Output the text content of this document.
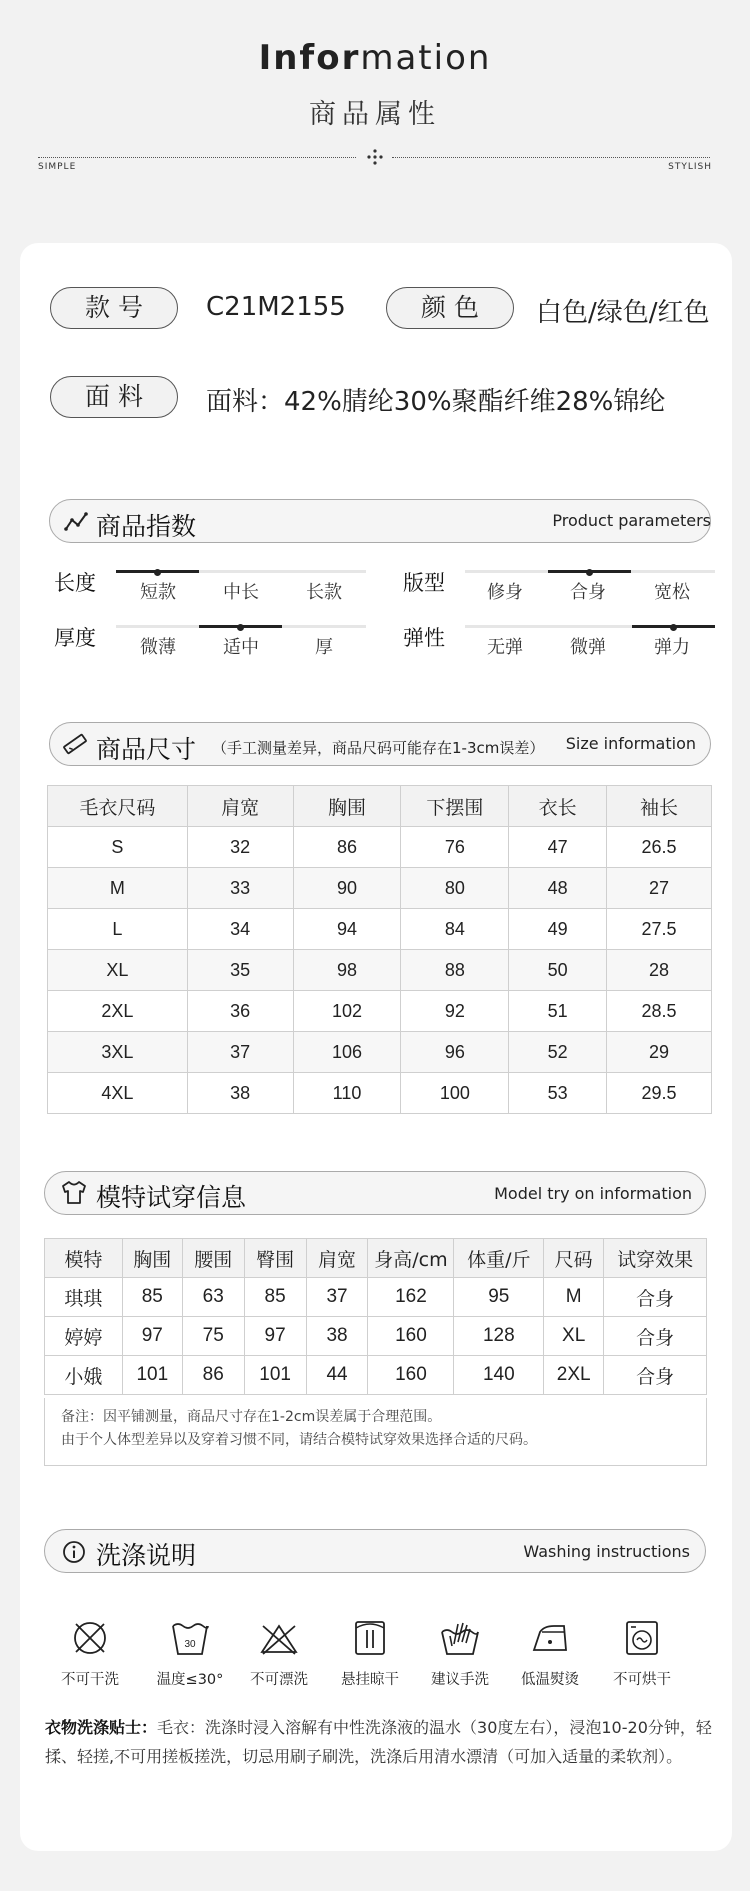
Information
商品属性
SIMPLE	STYLISH
款号	C21M2155	颜色	白色/绿色/红色
面料	面料：42%腈纶30%聚酯纤维28%锦纶
商品指数	Product parameters
长度	短款	中长	长款	版型	修身	合身	宽松
厚度	微薄	适中	厚	弹性	无弹	微弹	弹力
商品尺寸 （手工测量差异，商品尺码可能存在1-3cm误差） Size information
毛衣尺码	肩宽	胸围	下摆围	衣长	袖长
S	32	86	76	47	26.5
M	33	90	80	48	27
L	34	94	84	49	27.5
XL	35	98	88	50	28
2XL	36	102	92	51	28.5
3XL	37	106	96	52	29
4XL	38	110	100	53	29.5
模特试穿信息	Model try on information
模特	胸围	腰围	臀围	肩宽	身高/cm	体重/斤	尺码	试穿效果
琪琪	85	63	85	37	162	95	M	合身
婷婷	97	75	97	38	160	128	XL	合身
小娥	101	86	101	44	160	140	2XL	合身
备注：因平铺测量，商品尺寸存在1-2cm误差属于合理范围。
由于个人体型差异以及穿着习惯不同，请结合模特试穿效果选择合适的尺码。
洗涤说明	Washing instructions
不可干洗
30
温度≤30°	不可漂洗	悬挂晾干	建议手洗	低温熨烫	不可烘干
衣物洗涤贴士：毛衣：洗涤时浸入溶解有中性洗涤液的温水（30度左右），浸泡10-20分钟，轻揉、轻搓,不可用搓板搓洗，切忌用刷子刷洗，洗涤后用清水漂清（可加入适量的柔软剂）。
